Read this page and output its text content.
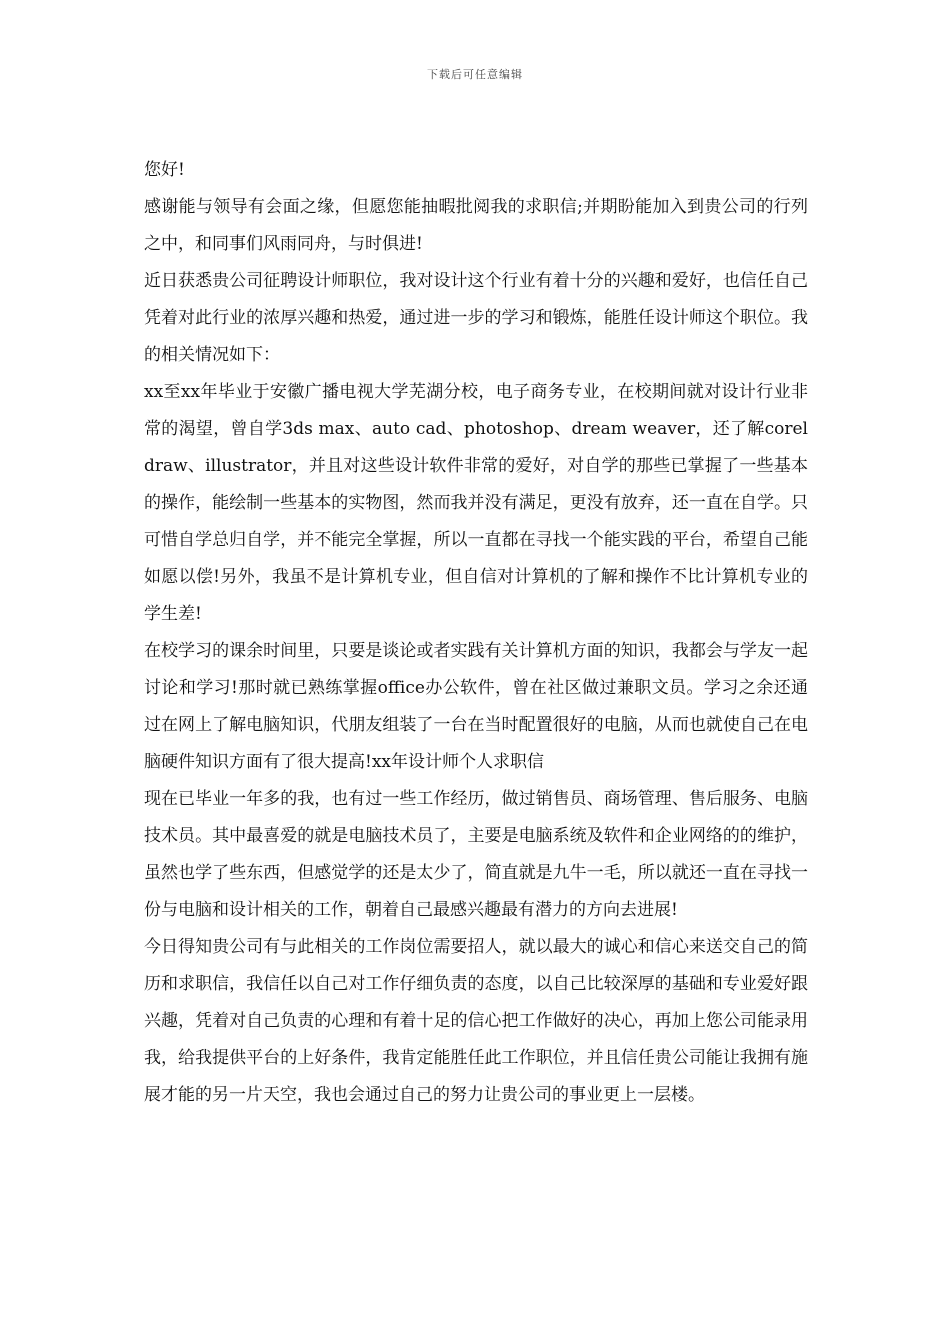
下载后可任意编辑

您好!

感谢能与领导有会面之缘，但愿您能抽暇批阅我的求职信;并期盼能加入到贵公司的行列之中，和同事们风雨同舟，与时俱进!

近日获悉贵公司征聘设计师职位，我对设计这个行业有着十分的兴趣和爱好，也信任自己凭着对此行业的浓厚兴趣和热爱，通过进一步的学习和锻炼，能胜任设计师这个职位。我的相关情况如下：

xx至xx年毕业于安徽广播电视大学芜湖分校，电子商务专业，在校期间就对设计行业非常的渴望，曾自学3ds max、auto cad、photoshop、dream weaver，还了解coreldraw、illustrator，并且对这些设计软件非常的爱好，对自学的那些已掌握了一些基本的操作，能绘制一些基本的实物图，然而我并没有满足，更没有放弃，还一直在自学。只可惜自学总归自学，并不能完全掌握，所以一直都在寻找一个能实践的平台，希望自己能如愿以偿!另外，我虽不是计算机专业，但自信对计算机的了解和操作不比计算机专业的学生差!

在校学习的课余时间里，只要是谈论或者实践有关计算机方面的知识，我都会与学友一起讨论和学习!那时就已熟练掌握office办公软件，曾在社区做过兼职文员。学习之余还通过在网上了解电脑知识，代朋友组装了一台在当时配置很好的电脑，从而也就使自己在电脑硬件知识方面有了很大提高!xx年设计师个人求职信

现在已毕业一年多的我，也有过一些工作经历，做过销售员、商场管理、售后服务、电脑技术员。其中最喜爱的就是电脑技术员了，主要是电脑系统及软件和企业网络的的维护，虽然也学了些东西，但感觉学的还是太少了，简直就是九牛一毛，所以就还一直在寻找一份与电脑和设计相关的工作，朝着自己最感兴趣最有潜力的方向去进展!

今日得知贵公司有与此相关的工作岗位需要招人，就以最大的诚心和信心来送交自己的简历和求职信，我信任以自己对工作仔细负责的态度，以自己比较深厚的基础和专业爱好跟兴趣，凭着对自己负责的心理和有着十足的信心把工作做好的决心，再加上您公司能录用我，给我提供平台的上好条件，我肯定能胜任此工作职位，并且信任贵公司能让我拥有施展才能的另一片天空，我也会通过自己的努力让贵公司的事业更上一层楼。
